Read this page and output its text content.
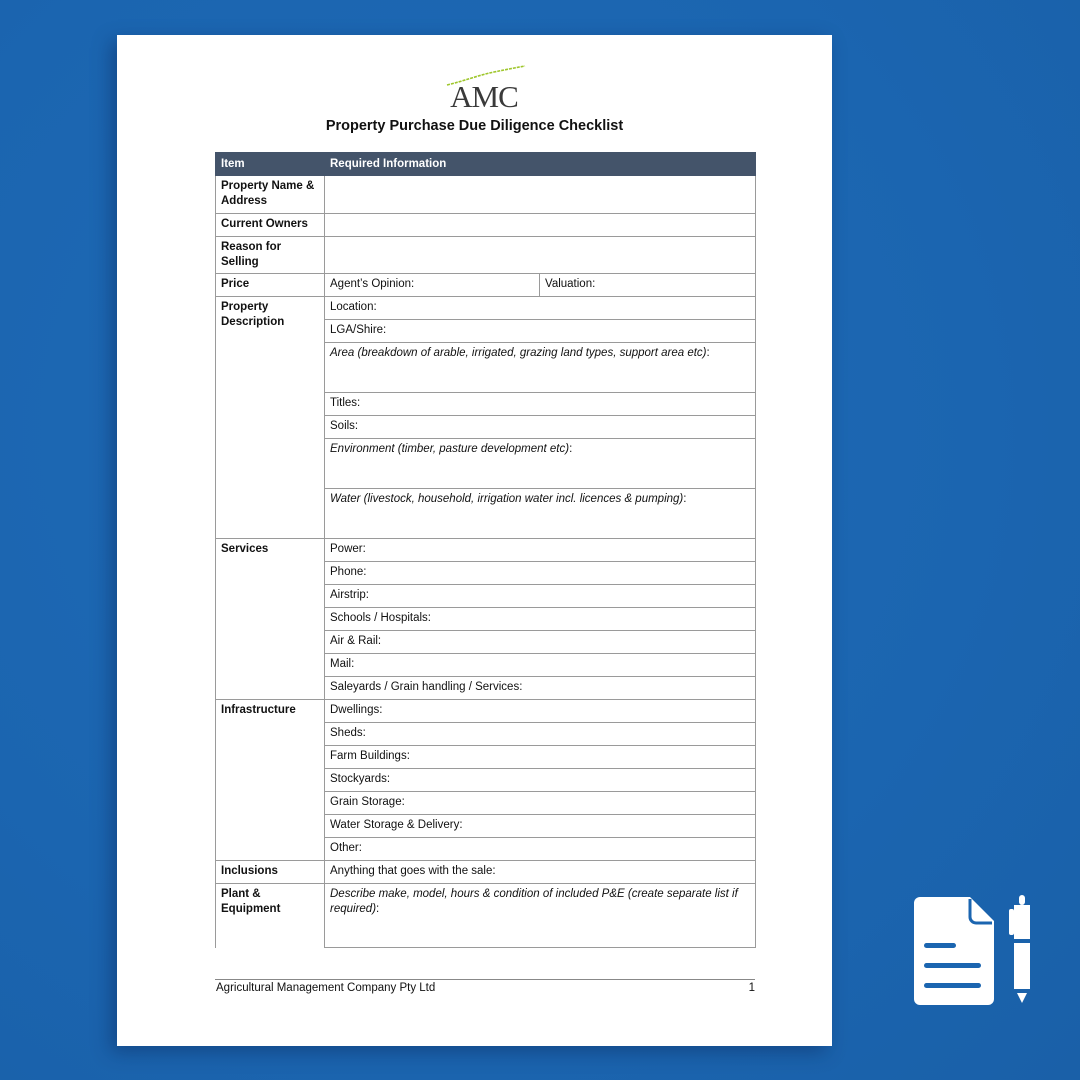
AMC
Property Purchase Due Diligence Checklist
Item	Required Information	
Property Name & Address		
Current Owners		
Reason for Selling		
Price	Agent’s Opinion:	Valuation:
Property Description	Location:	
	LGA/Shire:	
	Area (breakdown of arable, irrigated, grazing land types, support area etc):	
	Titles:	
	Soils:	
	Environment (timber, pasture development etc):	
	Water (livestock, household, irrigation water incl. licences & pumping):	
Services	Power:	
	Phone:	
	Airstrip:	
	Schools / Hospitals:	
	Air & Rail:	
	Mail:	
	Saleyards / Grain handling / Services:	
Infrastructure	Dwellings:	
	Sheds:	
	Farm Buildings:	
	Stockyards:	
	Grain Storage:	
	Water Storage & Delivery:	
	Other:	
Inclusions	Anything that goes with the sale:	
Plant & Equipment	Describe make, model, hours & condition of included P&E (create separate list if required):	
Agricultural Management Company Pty Ltd	1
